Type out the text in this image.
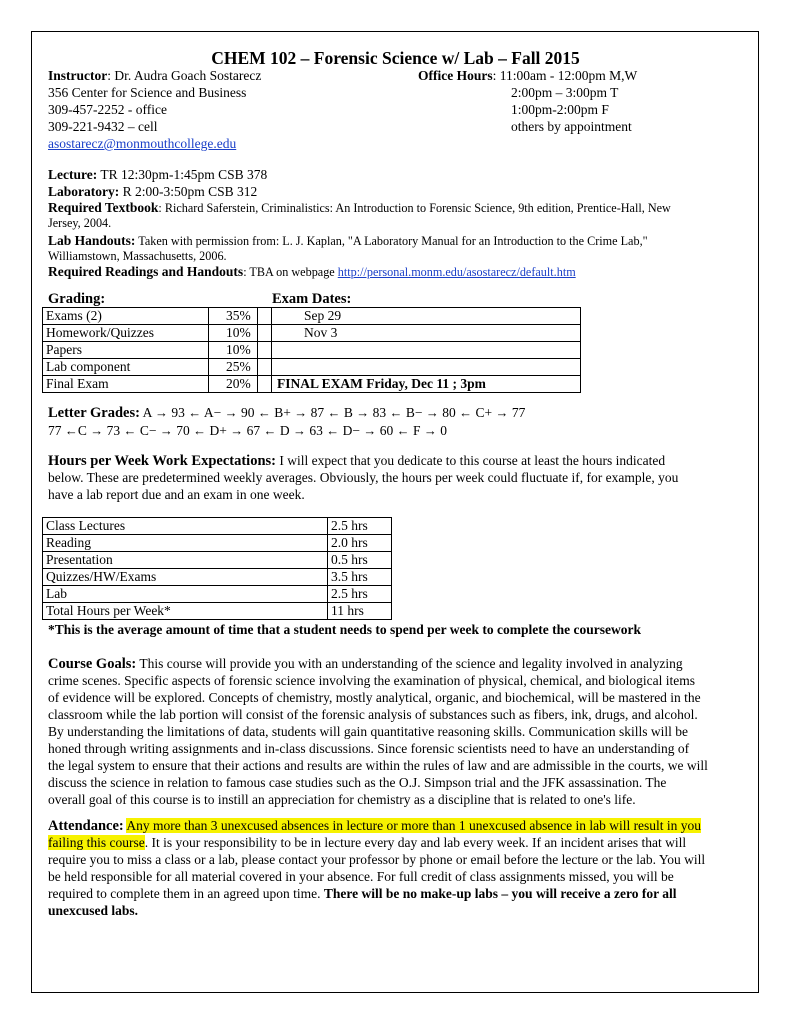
CHEM 102 – Forensic Science w/ Lab – Fall 2015
Instructor: Dr. Audra Goach Sostarecz
356 Center for Science and Business
309-457-2252 - office
309-221-9432 – cell
asostarecz@monmouthcollege.edu
Office Hours: 11:00am - 12:00pm M,W
2:00pm – 3:00pm T
1:00pm-2:00pm F
others by appointment
Lecture: TR 12:30pm-1:45pm CSB 378
Laboratory: R 2:00-3:50pm CSB 312
Required Textbook: Richard Saferstein, Criminalistics: An Introduction to Forensic Science, 9th edition, Prentice-Hall, New
Jersey, 2004.
Lab Handouts: Taken with permission from: L. J. Kaplan, "A Laboratory Manual for an Introduction to the Crime Lab,"
Williamstown, Massachusetts, 2006.
Required Readings and Handouts: TBA on webpage http://personal.monm.edu/asostarecz/default.htm
Grading:	Exam Dates:
Exams (2)	35%		Sep 29
Homework/Quizzes	10%		Nov 3
Papers	10%		
Lab component	25%		
Final Exam	20%		FINAL EXAM Friday, Dec 11 ; 3pm
Letter Grades: A → 93 ← A− → 90 ← B+ → 87 ← B → 83 ← B− → 80 ← C+ → 77
77 ←C → 73 ← C− → 70 ← D+ → 67 ← D → 63 ← D− → 60 ← F → 0
Hours per Week Work Expectations: I will expect that you dedicate to this course at least the hours indicated
below. These are predetermined weekly averages. Obviously, the hours per week could fluctuate if, for example, you
have a lab report due and an exam in one week.
Class Lectures	2.5 hrs
Reading	2.0 hrs
Presentation	0.5 hrs
Quizzes/HW/Exams	3.5 hrs
Lab	2.5 hrs
Total Hours per Week*	11 hrs
*This is the average amount of time that a student needs to spend per week to complete the coursework
Course Goals: This course will provide you with an understanding of the science and legality involved in analyzing
crime scenes. Specific aspects of forensic science involving the examination of physical, chemical, and biological items
of evidence will be explored. Concepts of chemistry, mostly analytical, organic, and biochemical, will be mastered in the
classroom while the lab portion will consist of the forensic analysis of substances such as fibers, ink, drugs, and alcohol.
By understanding the limitations of data, students will gain quantitative reasoning skills. Communication skills will be
honed through writing assignments and in-class discussions. Since forensic scientists need to have an understanding of
the legal system to ensure that their actions and results are within the rules of law and are admissible in the courts, we will
discuss the science in relation to famous case studies such as the O.J. Simpson trial and the JFK assassination. The
overall goal of this course is to instill an appreciation for chemistry as a discipline that is related to one's life.
Attendance: Any more than 3 unexcused absences in lecture or more than 1 unexcused absence in lab will result in you
failing this course. It is your responsibility to be in lecture every day and lab every week. If an incident arises that will
require you to miss a class or a lab, please contact your professor by phone or email before the lecture or the lab. You will
be held responsible for all material covered in your absence. For full credit of class assignments missed, you will be
required to complete them in an agreed upon time. There will be no make-up labs – you will receive a zero for all
unexcused labs.
